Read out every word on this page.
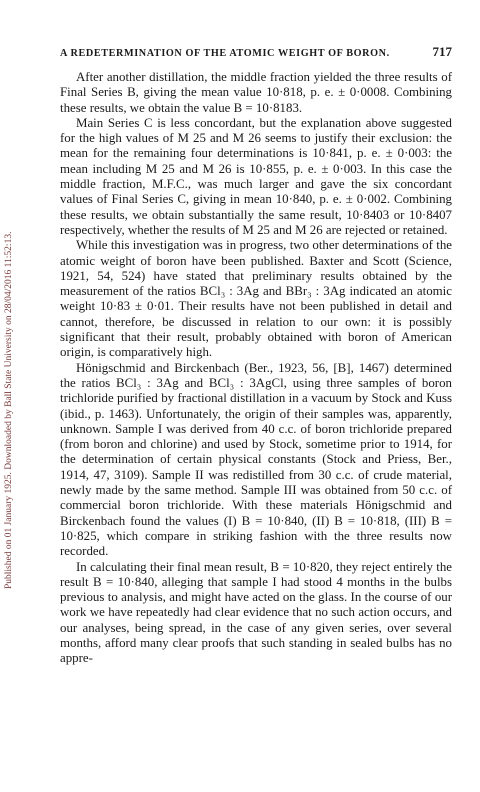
Published on 01 January 1925. Downloaded by Ball State University on 28/04/2016 11:52:13.
A REDETERMINATION OF THE ATOMIC WEIGHT OF BORON.	717

After another distillation, the middle fraction yielded the three results of Final Series B, giving the mean value 10·818, p. e. ± 0·0008. Combining these results, we obtain the value B = 10·8183.

Main Series C is less concordant, but the explanation above suggested for the high values of M 25 and M 26 seems to justify their exclusion: the mean for the remaining four determinations is 10·841, p. e. ± 0·003: the mean including M 25 and M 26 is 10·855, p. e. ± 0·003. In this case the middle fraction, M.F.C., was much larger and gave the six concordant values of Final Series C, giving in mean 10·840, p. e. ± 0·002. Combining these results, we obtain substantially the same result, 10·8403 or 10·8407 respectively, whether the results of M 25 and M 26 are rejected or retained.

While this investigation was in progress, two other determinations of the atomic weight of boron have been published. Baxter and Scott (Science, 1921, 54, 524) have stated that preliminary results obtained by the measurement of the ratios BCl₃ : 3Ag and BBr₃ : 3Ag indicated an atomic weight 10·83 ± 0·01. Their results have not been published in detail and cannot, therefore, be discussed in relation to our own: it is possibly significant that their result, probably obtained with boron of American origin, is comparatively high.

Hönigschmid and Birckenbach (Ber., 1923, 56, [B], 1467) determined the ratios BCl₃ : 3Ag and BCl₃ : 3AgCl, using three samples of boron trichloride purified by fractional distillation in a vacuum by Stock and Kuss (ibid., p. 1463). Unfortunately, the origin of their samples was, apparently, unknown. Sample I was derived from 40 c.c. of boron trichloride prepared (from boron and chlorine) and used by Stock, sometime prior to 1914, for the determination of certain physical constants (Stock and Priess, Ber., 1914, 47, 3109). Sample II was redistilled from 30 c.c. of crude material, newly made by the same method. Sample III was obtained from 50 c.c. of commercial boron trichloride. With these materials Hönigschmid and Birckenbach found the values (I) B = 10·840, (II) B = 10·818, (III) B = 10·825, which compare in striking fashion with the three results now recorded.

In calculating their final mean result, B = 10·820, they reject entirely the result B = 10·840, alleging that sample I had stood 4 months in the bulbs previous to analysis, and might have acted on the glass. In the course of our work we have repeatedly had clear evidence that no such action occurs, and our analyses, being spread, in the case of any given series, over several months, afford many clear proofs that such standing in sealed bulbs has no appre-
